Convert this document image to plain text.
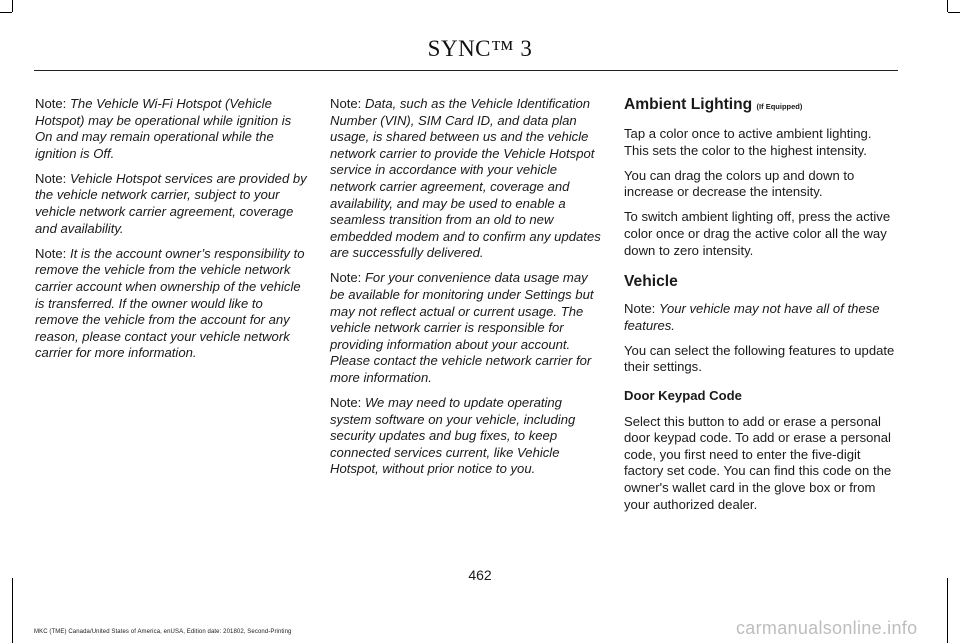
SYNC™ 3

Note: The Vehicle Wi-Fi Hotspot (Vehicle Hotspot) may be operational while ignition is On and may remain operational while the ignition is Off.

Note: Vehicle Hotspot services are provided by the vehicle network carrier, subject to your vehicle network carrier agreement, coverage and availability.

Note: It is the account owner’s responsibility to remove the vehicle from the vehicle network carrier account when ownership of the vehicle is transferred. If the owner would like to remove the vehicle from the account for any reason, please contact your vehicle network carrier for more information.

Note: Data, such as the Vehicle Identification Number (VIN), SIM Card ID, and data plan usage, is shared between us and the vehicle network carrier to provide the Vehicle Hotspot service in accordance with your vehicle network carrier agreement, coverage and availability, and may be used to enable a seamless transition from an old to new embedded modem and to confirm any updates are successfully delivered.

Note: For your convenience data usage may be available for monitoring under Settings but may not reflect actual or current usage. The vehicle network carrier is responsible for providing information about your account. Please contact the vehicle network carrier for more information.

Note: We may need to update operating system software on your vehicle, including security updates and bug fixes, to keep connected services current, like Vehicle Hotspot, without prior notice to you.

Ambient Lighting (If Equipped)

Tap a color once to active ambient lighting. This sets the color to the highest intensity.

You can drag the colors up and down to increase or decrease the intensity.

To switch ambient lighting off, press the active color once or drag the active color all the way down to zero intensity.

Vehicle

Note: Your vehicle may not have all of these features.

You can select the following features to update their settings.

Door Keypad Code

Select this button to add or erase a personal door keypad code. To add or erase a personal code, you first need to enter the five-digit factory set code. You can find this code on the owner's wallet card in the glove box or from your authorized dealer.

462
MKC (TME) Canada/United States of America, enUSA, Edition date: 201802, Second-Printing	carmanualsonline.info
